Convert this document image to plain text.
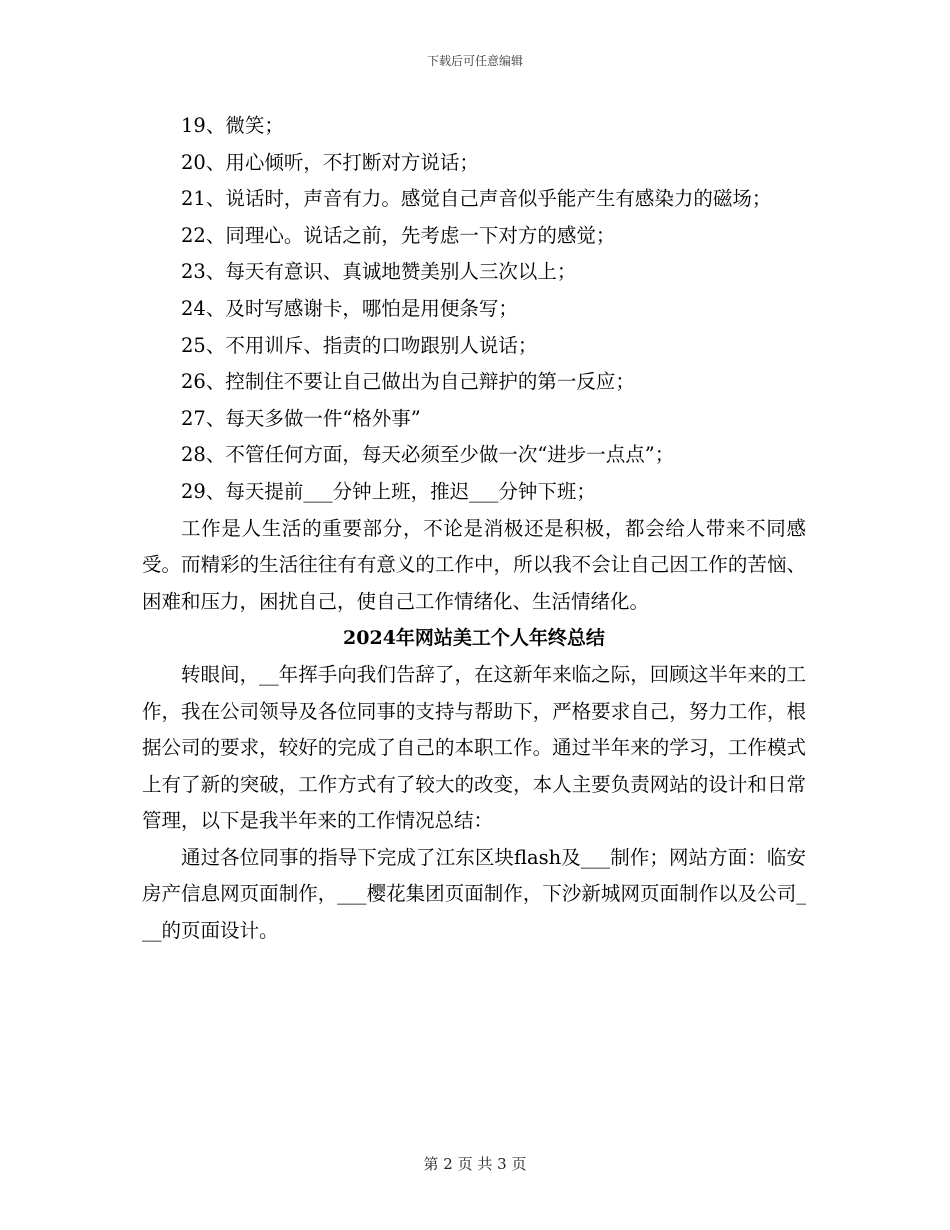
下载后可任意编辑

19、微笑；

20、用心倾听，不打断对方说话；

21、说话时，声音有力。感觉自己声音似乎能产生有感染力的磁场；

22、同理心。说话之前，先考虑一下对方的感觉；

23、每天有意识、真诚地赞美别人三次以上；

24、及时写感谢卡，哪怕是用便条写；

25、不用训斥、指责的口吻跟别人说话；

26、控制住不要让自己做出为自己辩护的第一反应；

27、每天多做一件“格外事”

28、不管任何方面，每天必须至少做一次“进步一点点”；

29、每天提前___分钟上班，推迟___分钟下班；

工作是人生活的重要部分，不论是消极还是积极，都会给人带来不同感受。而精彩的生活往往有有意义的工作中，所以我不会让自己因工作的苦恼、困难和压力，困扰自己，使自己工作情绪化、生活情绪化。

2024年网站美工个人年终总结

转眼间，__年挥手向我们告辞了，在这新年来临之际，回顾这半年来的工作，我在公司领导及各位同事的支持与帮助下，严格要求自己，努力工作，根据公司的要求，较好的完成了自己的本职工作。通过半年来的学习，工作模式上有了新的突破，工作方式有了较大的改变，本人主要负责网站的设计和日常管理，以下是我半年来的工作情况总结：

通过各位同事的指导下完成了江东区块flash及___制作；网站方面：临安房产信息网页面制作，___樱花集团页面制作，下沙新城网页面制作以及公司___的页面设计。

第 2 页 共 3 页
